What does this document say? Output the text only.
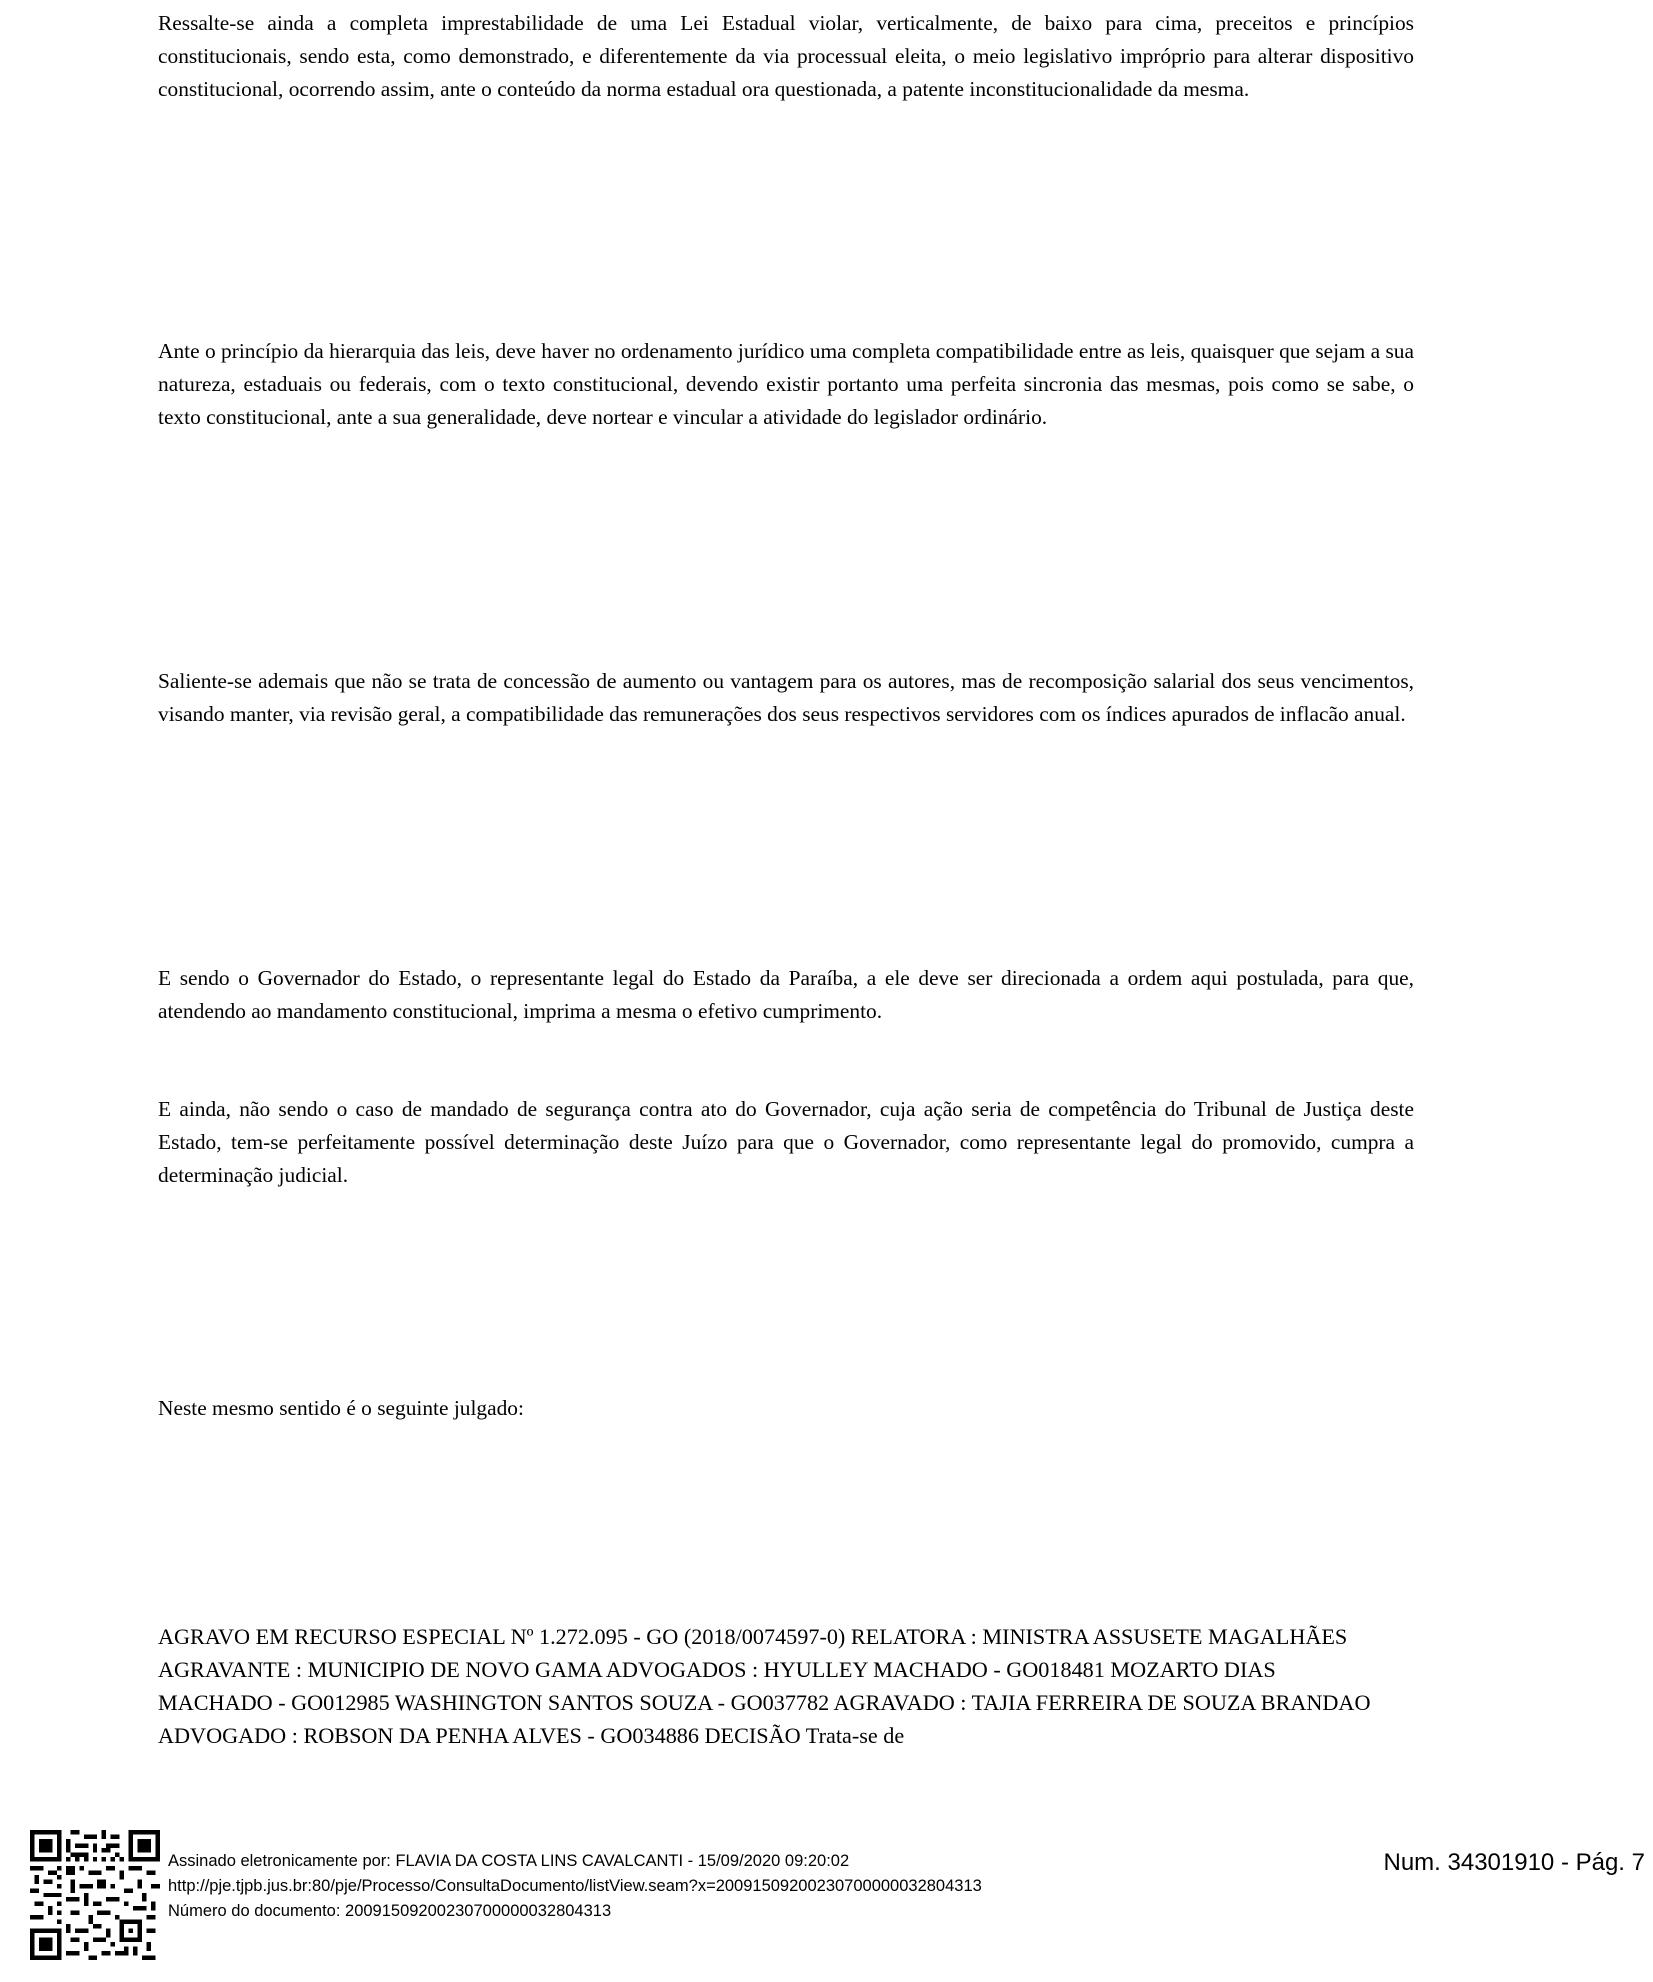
Ressalte-se ainda a completa imprestabilidade de uma Lei Estadual violar, verticalmente, de baixo para cima, preceitos e princípios constitucionais, sendo esta, como demonstrado, e diferentemente da via processual eleita, o meio legislativo impróprio para alterar dispositivo constitucional, ocorrendo assim, ante o conteúdo da norma estadual ora questionada, a patente inconstitucionalidade da mesma.

Ante o princípio da hierarquia das leis, deve haver no ordenamento jurídico uma completa compatibilidade entre as leis, quaisquer que sejam a sua natureza, estaduais ou federais, com o texto constitucional, devendo existir portanto uma perfeita sincronia das mesmas, pois como se sabe, o texto constitucional, ante a sua generalidade, deve nortear e vincular a atividade do legislador ordinário.

Saliente-se ademais que não se trata de concessão de aumento ou vantagem para os autores, mas de recomposição salarial dos seus vencimentos, visando manter, via revisão geral, a compatibilidade das remunerações dos seus respectivos servidores com os índices apurados de inflacão anual.

E sendo o Governador do Estado, o representante legal do Estado da Paraíba, a ele deve ser direcionada a ordem aqui postulada, para que, atendendo ao mandamento constitucional, imprima a mesma o efetivo cumprimento.

E ainda, não sendo o caso de mandado de segurança contra ato do Governador, cuja ação seria de competência do Tribunal de Justiça deste Estado, tem-se perfeitamente possível determinação deste Juízo para que o Governador, como representante legal do promovido, cumpra a determinação judicial.

Neste mesmo sentido é o seguinte julgado:

AGRAVO EM RECURSO ESPECIAL Nº 1.272.095 - GO (2018/0074597-0) RELATORA : MINISTRA ASSUSETE MAGALHÃES AGRAVANTE : MUNICIPIO DE NOVO GAMA ADVOGADOS : HYULLEY MACHADO - GO018481 MOZARTO DIAS MACHADO - GO012985 WASHINGTON SANTOS SOUZA - GO037782 AGRAVADO : TAJIA FERREIRA DE SOUZA BRANDAO ADVOGADO : ROBSON DA PENHA ALVES - GO034886 DECISÃO Trata-se de

Assinado eletronicamente por: FLAVIA DA COSTA LINS CAVALCANTI - 15/09/2020 09:20:02
http://pje.tjpb.jus.br:80/pje/Processo/ConsultaDocumento/listView.seam?x=20091509200230700000032804313
Número do documento: 20091509200230700000032804313
Num. 34301910 - Pág. 7
